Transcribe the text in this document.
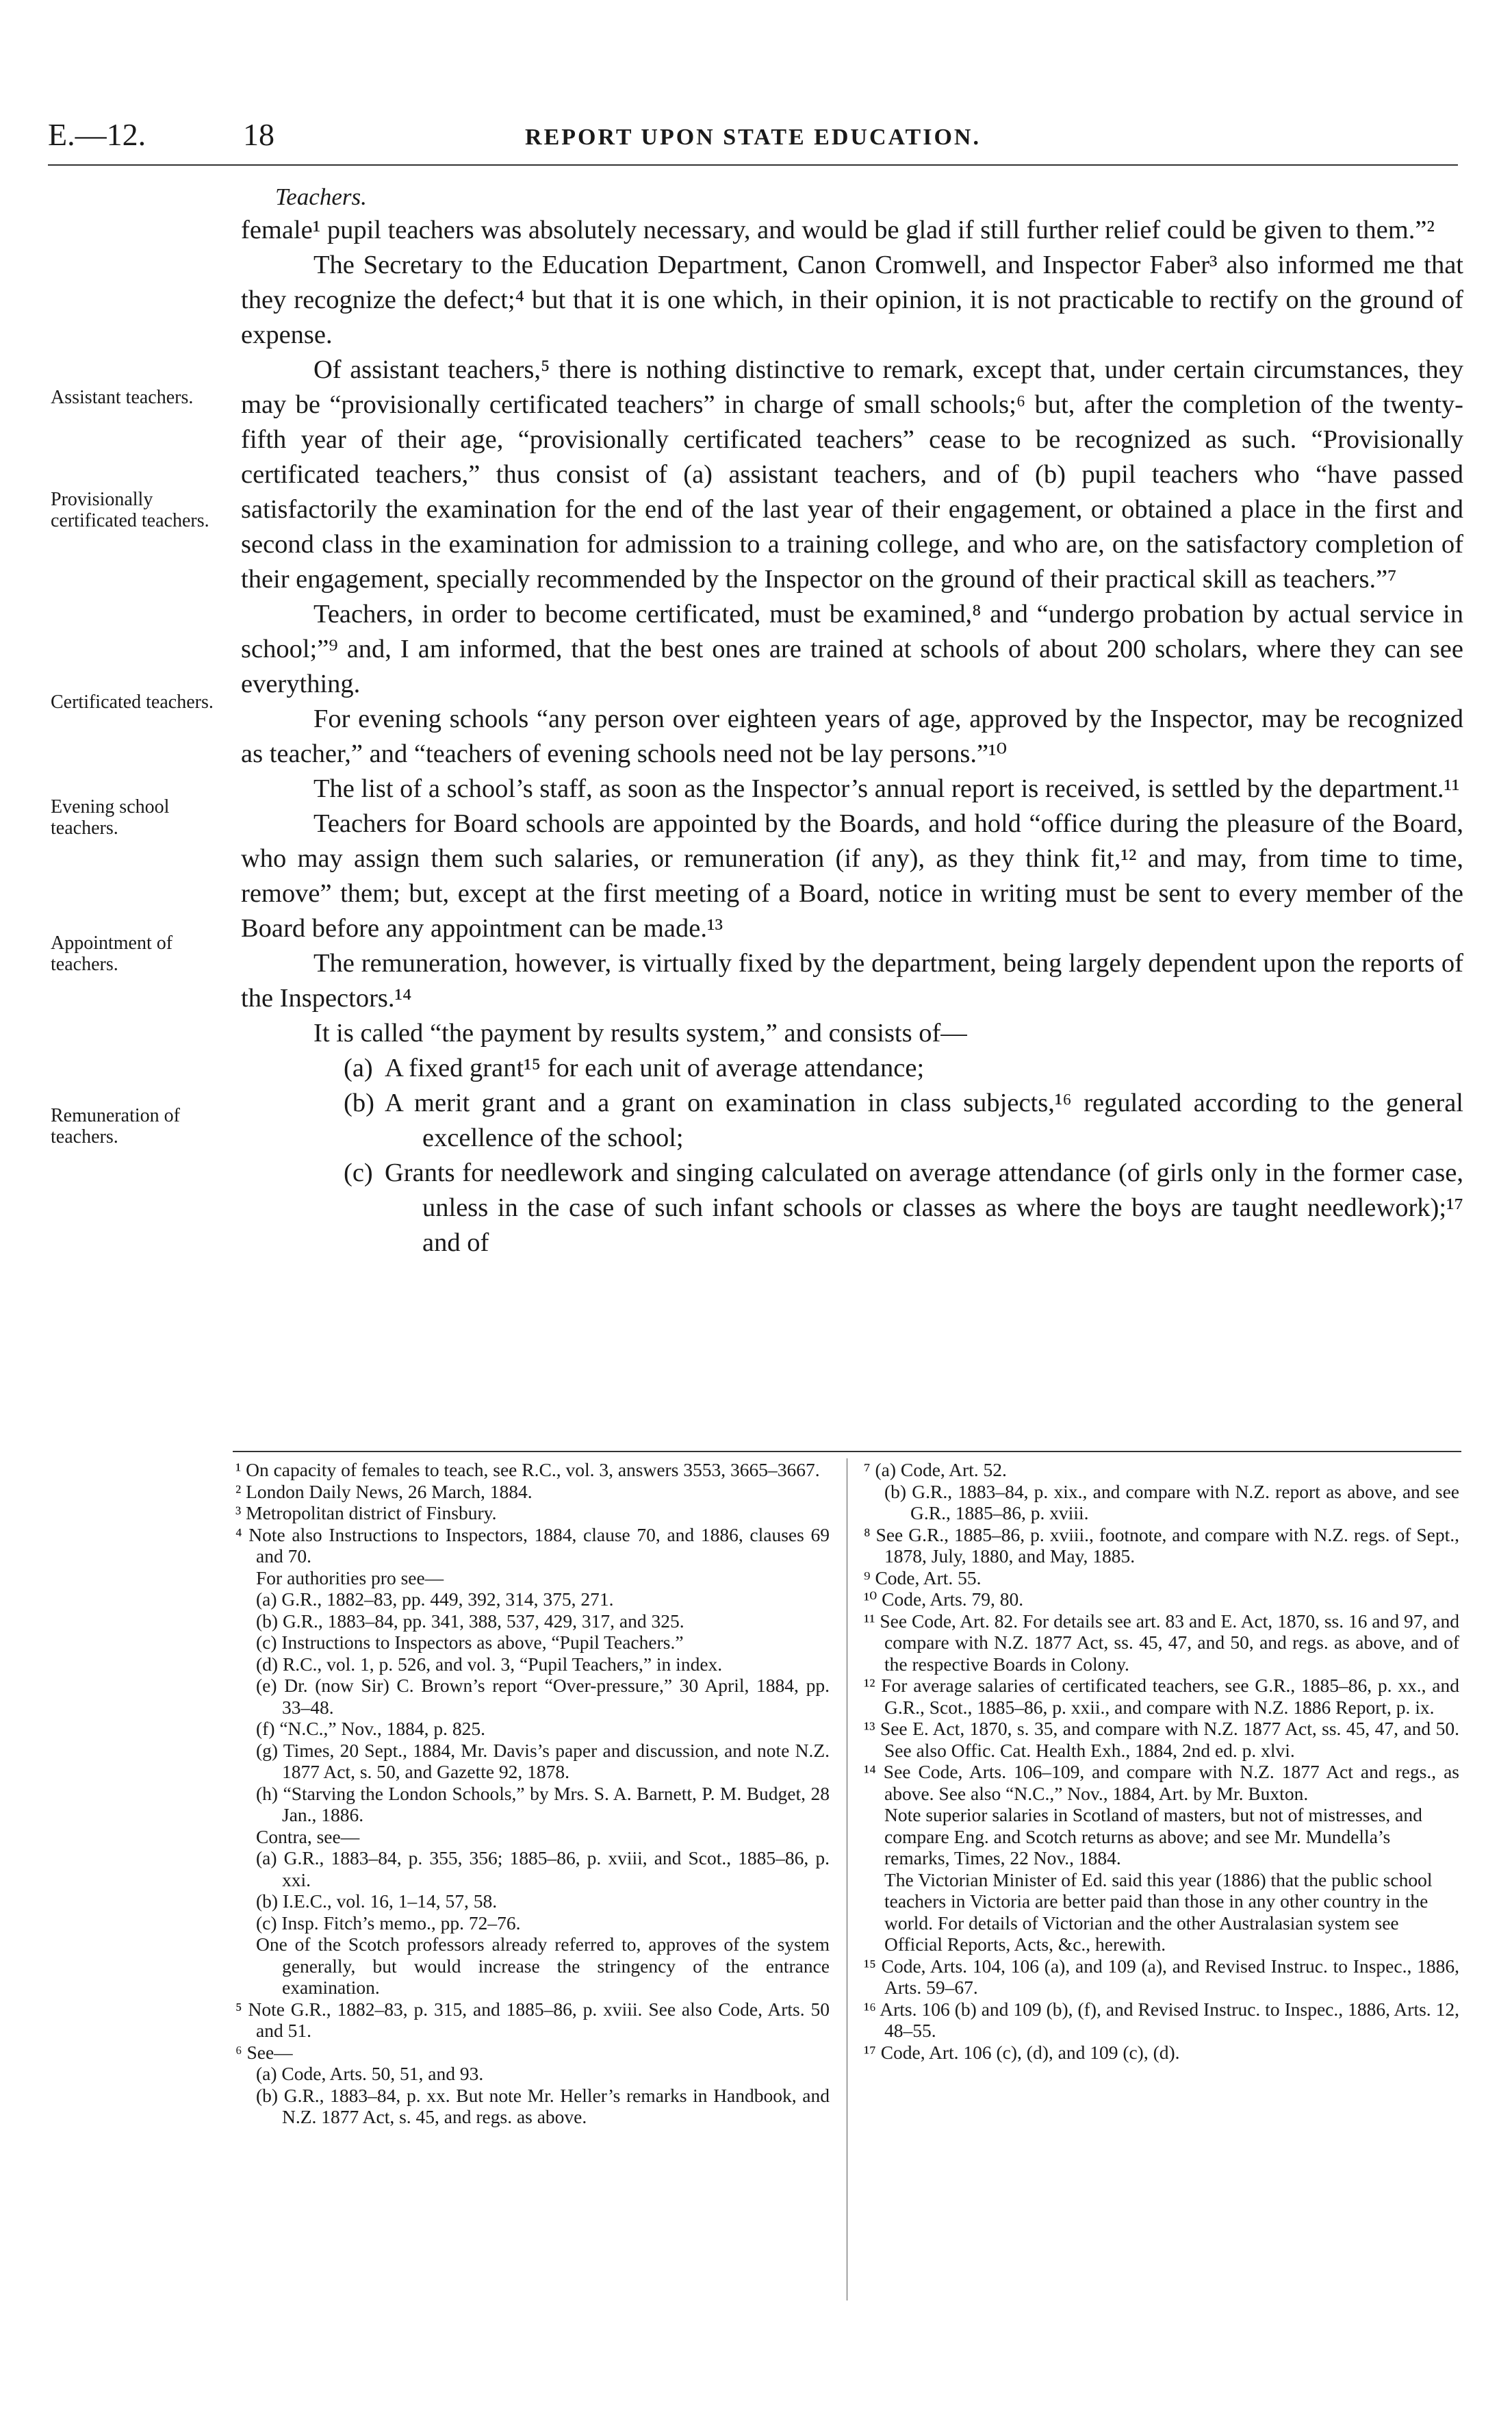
E.—12.	18	REPORT UPON STATE EDUCATION.
Assistant teachers.
Provisionally certificated teachers.
Certificated teachers.
Evening school teachers.
Appointment of teachers.
Remuneration of teachers.

Teachers.

female¹ pupil teachers was absolutely necessary, and would be glad if still further relief could be given to them.”²

The Secretary to the Education Department, Canon Cromwell, and Inspector Faber³ also informed me that they recognize the defect;⁴ but that it is one which, in their opinion, it is not practicable to rectify on the ground of expense.

Of assistant teachers,⁵ there is nothing distinctive to remark, except that, under certain circumstances, they may be “provisionally certificated teachers” in charge of small schools;⁶ but, after the completion of the twenty-fifth year of their age, “provisionally certificated teachers” cease to be recognized as such. “Provisionally certificated teachers,” thus consist of (a) assistant teachers, and of (b) pupil teachers who “have passed satisfactorily the examination for the end of the last year of their engagement, or obtained a place in the first and second class in the examination for admission to a training college, and who are, on the satisfactory completion of their engagement, specially recommended by the Inspector on the ground of their practical skill as teachers.”⁷

Teachers, in order to become certificated, must be examined,⁸ and “undergo probation by actual service in school;”⁹ and, I am informed, that the best ones are trained at schools of about 200 scholars, where they can see everything.

For evening schools “any person over eighteen years of age, approved by the Inspector, may be recognized as teacher,” and “teachers of evening schools need not be lay persons.”¹⁰

The list of a school’s staff, as soon as the Inspector’s annual report is received, is settled by the department.¹¹

Teachers for Board schools are appointed by the Boards, and hold “office during the pleasure of the Board, who may assign them such salaries, or remuneration (if any), as they think fit,¹² and may, from time to time, remove” them; but, except at the first meeting of a Board, notice in writing must be sent to every member of the Board before any appointment can be made.¹³

The remuneration, however, is virtually fixed by the department, being largely dependent upon the reports of the Inspectors.¹⁴

It is called “the payment by results system,” and consists of—

(a) A fixed grant¹⁵ for each unit of average attendance;

(b) A merit grant and a grant on examination in class subjects,¹⁶ regulated according to the general excellence of the school;

(c) Grants for needlework and singing calculated on average attendance (of girls only in the former case, unless in the case of such infant schools or classes as where the boys are taught needlework);¹⁷ and of

¹ On capacity of females to teach, see R.C., vol. 3, answers 3553, 3665–3667.

² London Daily News, 26 March, 1884.

³ Metropolitan district of Finsbury.

⁴ Note also Instructions to Inspectors, 1884, clause 70, and 1886, clauses 69 and 70.

For authorities pro see—

(a) G.R., 1882–83, pp. 449, 392, 314, 375, 271.

(b) G.R., 1883–84, pp. 341, 388, 537, 429, 317, and 325.

(c) Instructions to Inspectors as above, “Pupil Teachers.”

(d) R.C., vol. 1, p. 526, and vol. 3, “Pupil Teachers,” in index.

(e) Dr. (now Sir) C. Brown’s report “Over-pressure,” 30 April, 1884, pp. 33–48.

(f) “N.C.,” Nov., 1884, p. 825.

(g) Times, 20 Sept., 1884, Mr. Davis’s paper and discussion, and note N.Z. 1877 Act, s. 50, and Gazette 92, 1878.

(h) “Starving the London Schools,” by Mrs. S. A. Barnett, P. M. Budget, 28 Jan., 1886.

Contra, see—

(a) G.R., 1883–84, p. 355, 356; 1885–86, p. xviii, and Scot., 1885–86, p. xxi.

(b) I.E.C., vol. 16, 1–14, 57, 58.

(c) Insp. Fitch’s memo., pp. 72–76.

One of the Scotch professors already referred to, approves of the system generally, but would increase the stringency of the entrance examination.

⁵ Note G.R., 1882–83, p. 315, and 1885–86, p. xviii. See also Code, Arts. 50 and 51.

⁶ See—

(a) Code, Arts. 50, 51, and 93.

(b) G.R., 1883–84, p. xx. But note Mr. Heller’s remarks in Handbook, and N.Z. 1877 Act, s. 45, and regs. as above.

⁷ (a) Code, Art. 52.

(b) G.R., 1883–84, p. xix., and compare with N.Z. report as above, and see G.R., 1885–86, p. xviii.

⁸ See G.R., 1885–86, p. xviii., footnote, and compare with N.Z. regs. of Sept., 1878, July, 1880, and May, 1885.

⁹ Code, Art. 55.

¹⁰ Code, Arts. 79, 80.

¹¹ See Code, Art. 82. For details see art. 83 and E. Act, 1870, ss. 16 and 97, and compare with N.Z. 1877 Act, ss. 45, 47, and 50, and regs. as above, and of the respective Boards in Colony.

¹² For average salaries of certificated teachers, see G.R., 1885–86, p. xx., and G.R., Scot., 1885–86, p. xxii., and compare with N.Z. 1886 Report, p. ix.

¹³ See E. Act, 1870, s. 35, and compare with N.Z. 1877 Act, ss. 45, 47, and 50. See also Offic. Cat. Health Exh., 1884, 2nd ed. p. xlvi.

¹⁴ See Code, Arts. 106–109, and compare with N.Z. 1877 Act and regs., as above. See also “N.C.,” Nov., 1884, Art. by Mr. Buxton.

Note superior salaries in Scotland of masters, but not of mistresses, and compare Eng. and Scotch returns as above; and see Mr. Mundella’s remarks, Times, 22 Nov., 1884.

The Victorian Minister of Ed. said this year (1886) that the public school teachers in Victoria are better paid than those in any other country in the world. For details of Victorian and the other Australasian system see Official Reports, Acts, &c., herewith.

¹⁵ Code, Arts. 104, 106 (a), and 109 (a), and Revised Instruc. to Inspec., 1886, Arts. 59–67.

¹⁶ Arts. 106 (b) and 109 (b), (f), and Revised Instruc. to Inspec., 1886, Arts. 12, 48–55.

¹⁷ Code, Art. 106 (c), (d), and 109 (c), (d).
